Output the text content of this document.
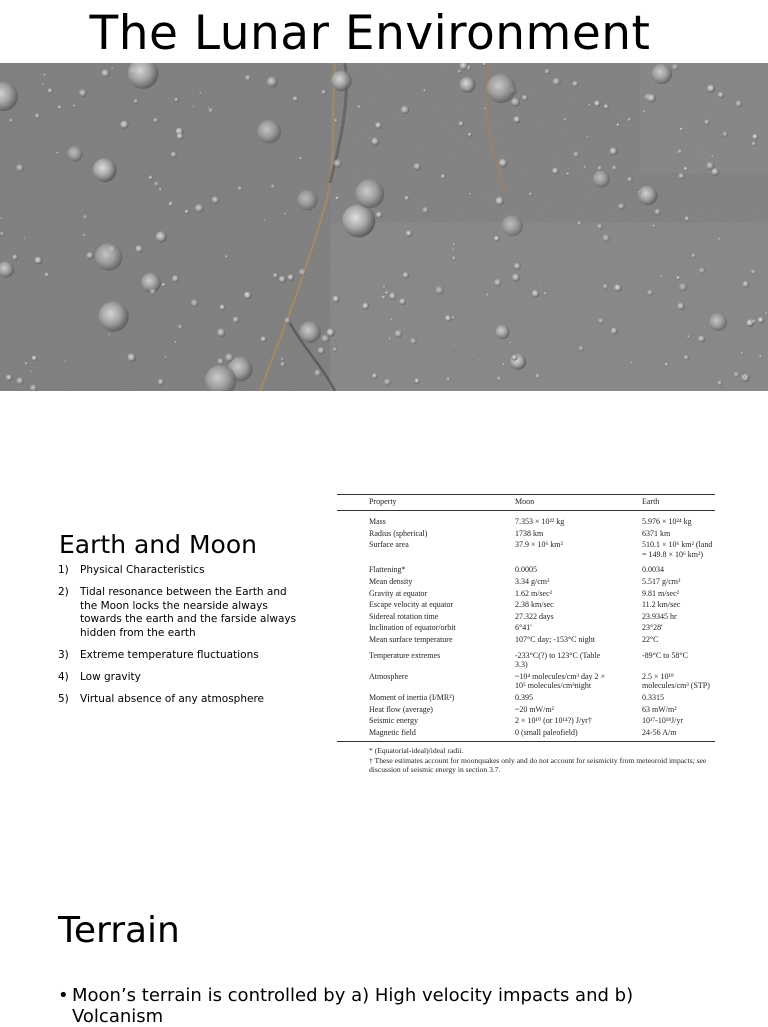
The Lunar Environment
Earth and Moon
1)	Physical Characteristics
2)	Tidal resonance between the Earth and the Moon locks the nearside always towards the earth and the farside always hidden from the earth
3)	Extreme temperature fluctuations
4)	Low gravity
5)	Virtual absence of any atmosphere
Property	Moon	Earth
Mass	7.353 × 10²² kg	5.976 × 10²⁴ kg
Radius (spherical)	1738 km	6371 km
Surface area	37.9 × 10⁶ km²	510.1 × 10⁶ km² (land = 149.8 × 10⁶ km²)
Flattening*	0.0005	0.0034
Mean density	3.34 g/cm³	5.517 g/cm³
Gravity at equator	1.62 m/sec²	9.81 m/sec²
Escape velocity at equator	2.38 km/sec	11.2 km/sec
Sidereal rotation time	27.322 days	23.9345 hr
Inclination of equator/orbit	6°41'	23°28'
Mean surface temperature	107°C day; -153°C night	22°C
Temperature extremes	-233°C(?) to 123°C (Table 3.3)	-89°C to 58°C
Atmosphere	~10⁴ molecules/cm³ day 2 × 10⁵ molecules/cm³night	2.5 × 10¹⁹ molecules/cm³ (STP)
Moment of inertia (I/MR²)	0.395	0.3315
Heat flow (average)	~20 mW/m²	63 mW/m²
Seismic energy	2 × 10¹⁰ (or 10¹⁴?) J/yr†	10¹⁷-10¹⁸J/yr
Magnetic field	0 (small paleofield)	24-56 A/m
* (Equatorial-ideal)/ideal radii.
† These estimates account for moonquakes only and do not account for seismicity from meteoroid impacts; see discussion of seismic energy in section 3.7.
Terrain
• Moon’s terrain is controlled by a) High velocity impacts and b) Volcanism
